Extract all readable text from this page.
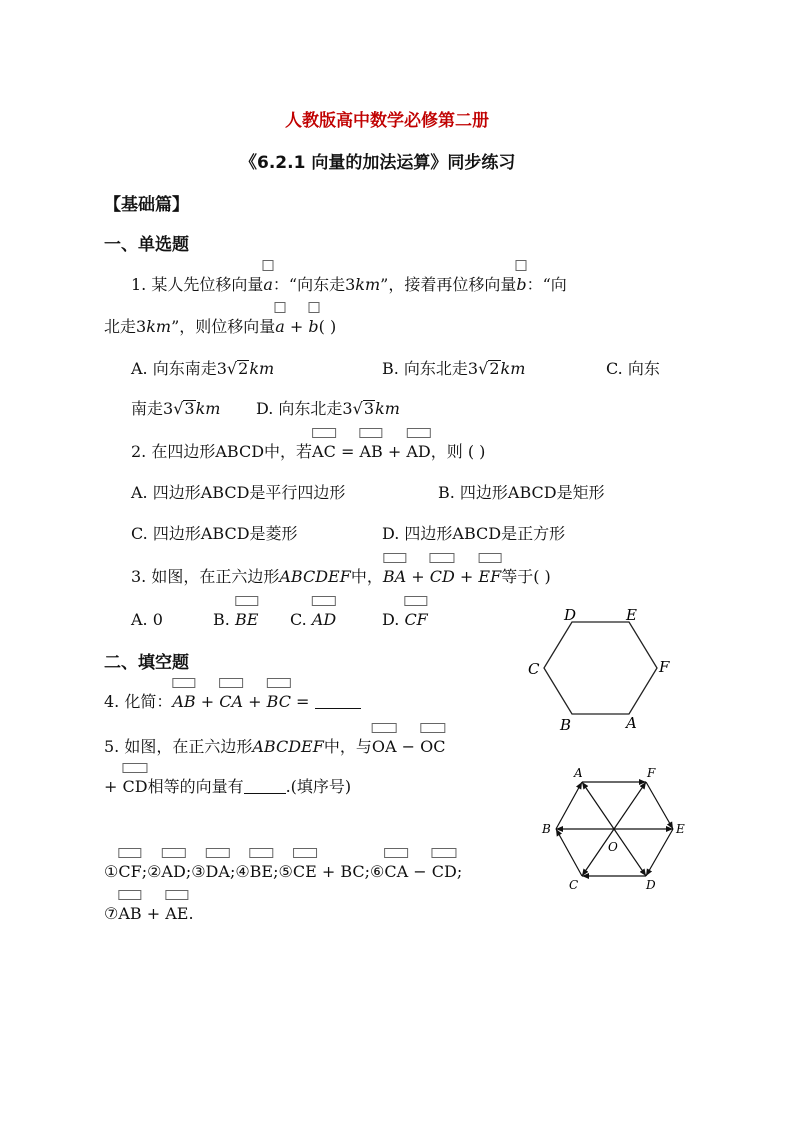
人教版高中数学必修第二册
《6.2.1 向量的加法运算》同步练习
【基础篇】
一、单选题
1. 某人先位移向量
a：“向东走3km”，接着再位移向量
b：“向
北走3km”，则位移向量
a + b( )
A. 向东南走3√2km	B. 向东北走3√2km	C. 向东
南走3√3km D. 向东北走3√3km
2. 在四边形ABCD中，若
AC = AB + AD，则 ( )
A. 四边形ABCD是平行四边形	B. 四边形ABCD是矩形
C. 四边形ABCD是菱形	D. 四边形ABCD是正方形
3. 如图，在正六边形ABCDEF中，
BA + CD + EF等于( )
A. 0	B. BE C. AD	D. CF	D	E
F
C
B	A
二、填空题
4. 化简：
AB + CA + BC =
5. 如图，在正六边形ABCDEF中，与
OA − OC
+ CD相等的向量有	.(填序号)
①
CF;②
AD;③
DA;④
BE;⑤
CE + BC;⑥
CA − CD;
⑦
AB + AE.
A	F
B	E
O
C	D
